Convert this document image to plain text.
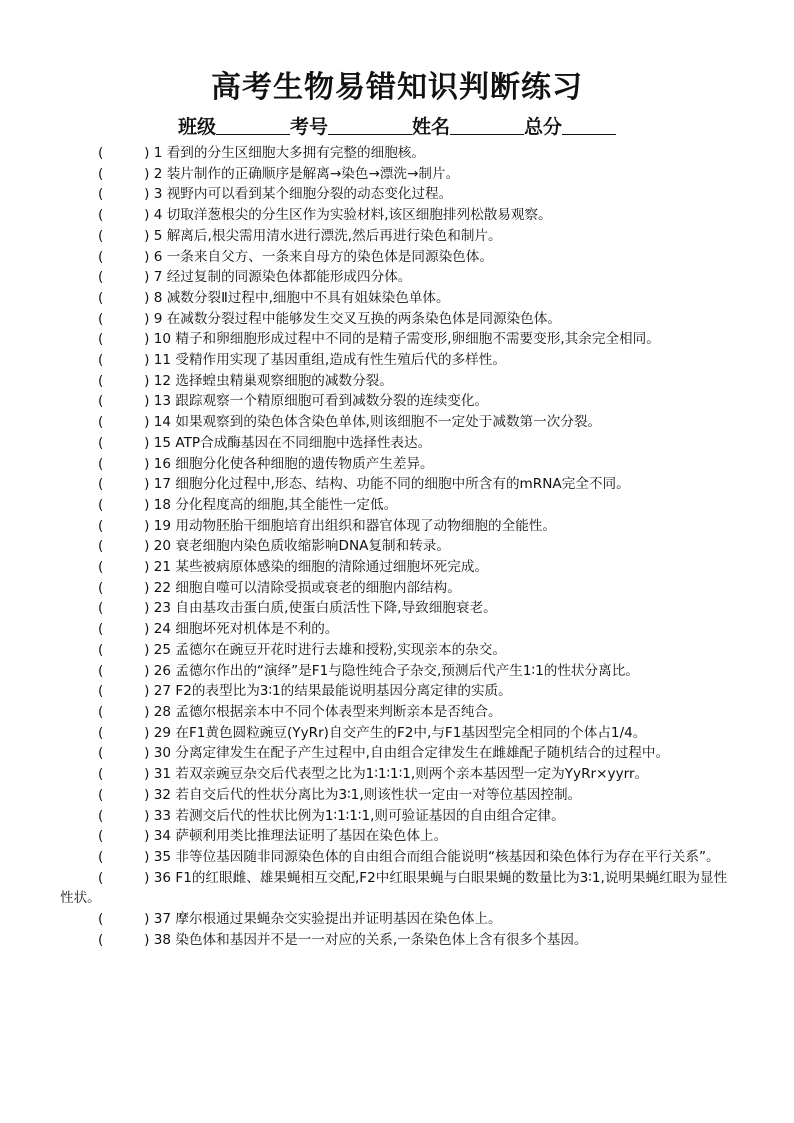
高考生物易错知识判断练习
班级	考号	姓名	总分

(   	) 1 看到的分生区细胞大多拥有完整的细胞核。

(   	) 2 装片制作的正确顺序是解离→染色→漂洗→制片。

(   	) 3 视野内可以看到某个细胞分裂的动态变化过程。

(   	) 4 切取洋葱根尖的分生区作为实验材料,该区细胞排列松散易观察。

(   	) 5 解离后,根尖需用清水进行漂洗,然后再进行染色和制片。

(   	) 6 一条来自父方、一条来自母方的染色体是同源染色体。

(   	) 7 经过复制的同源染色体都能形成四分体。

(   	) 8 减数分裂Ⅱ过程中,细胞中不具有姐妹染色单体。

(   	) 9 在减数分裂过程中能够发生交叉互换的两条染色体是同源染色体。

(   	) 10 精子和卵细胞形成过程中不同的是精子需变形,卵细胞不需要变形,其余完全相同。

(   	) 11 受精作用实现了基因重组,造成有性生殖后代的多样性。

(   	) 12 选择蝗虫精巢观察细胞的减数分裂。

(   	) 13 跟踪观察一个精原细胞可看到减数分裂的连续变化。

(   	) 14 如果观察到的染色体含染色单体,则该细胞不一定处于减数第一次分裂。

(   	) 15 ATP合成酶基因在不同细胞中选择性表达。

(   	) 16 细胞分化使各种细胞的遗传物质产生差异。

(   	) 17 细胞分化过程中,形态、结构、功能不同的细胞中所含有的mRNA完全不同。

(   	) 18 分化程度高的细胞,其全能性一定低。

(   	) 19 用动物胚胎干细胞培育出组织和器官体现了动物细胞的全能性。

(   	) 20 衰老细胞内染色质收缩影响DNA复制和转录。

(   	) 21 某些被病原体感染的细胞的清除通过细胞坏死完成。

(   	) 22 细胞自噬可以清除受损或衰老的细胞内部结构。

(   	) 23 自由基攻击蛋白质,使蛋白质活性下降,导致细胞衰老。

(   	) 24 细胞坏死对机体是不利的。

(   	) 25 孟德尔在豌豆开花时进行去雄和授粉,实现亲本的杂交。

(   	) 26 孟德尔作出的“演绎”是F1与隐性纯合子杂交,预测后代产生1∶1的性状分离比。

(   	) 27 F2的表型比为3∶1的结果最能说明基因分离定律的实质。

(   	) 28 孟德尔根据亲本中不同个体表型来判断亲本是否纯合。

(   	) 29 在F1黄色圆粒豌豆(YyRr)自交产生的F2中,与F1基因型完全相同的个体占1/4。

(   	) 30 分离定律发生在配子产生过程中,自由组合定律发生在雌雄配子随机结合的过程中。

(   	) 31 若双亲豌豆杂交后代表型之比为1∶1∶1∶1,则两个亲本基因型一定为YyRr×yyrr。

(   	) 32 若自交后代的性状分离比为3∶1,则该性状一定由一对等位基因控制。

(   	) 33 若测交后代的性状比例为1∶1∶1∶1,则可验证基因的自由组合定律。

(   	) 34 萨顿利用类比推理法证明了基因在染色体上。

(   	) 35 非等位基因随非同源染色体的自由组合而组合能说明“核基因和染色体行为存在平行关系”。

(   	) 36 F1的红眼雌、雄果蝇相互交配,F2中红眼果蝇与白眼果蝇的数量比为3∶1,说明果蝇红眼为显性性状。

(   	) 37 摩尔根通过果蝇杂交实验提出并证明基因在染色体上。

(   	) 38 染色体和基因并不是一一对应的关系,一条染色体上含有很多个基因。
